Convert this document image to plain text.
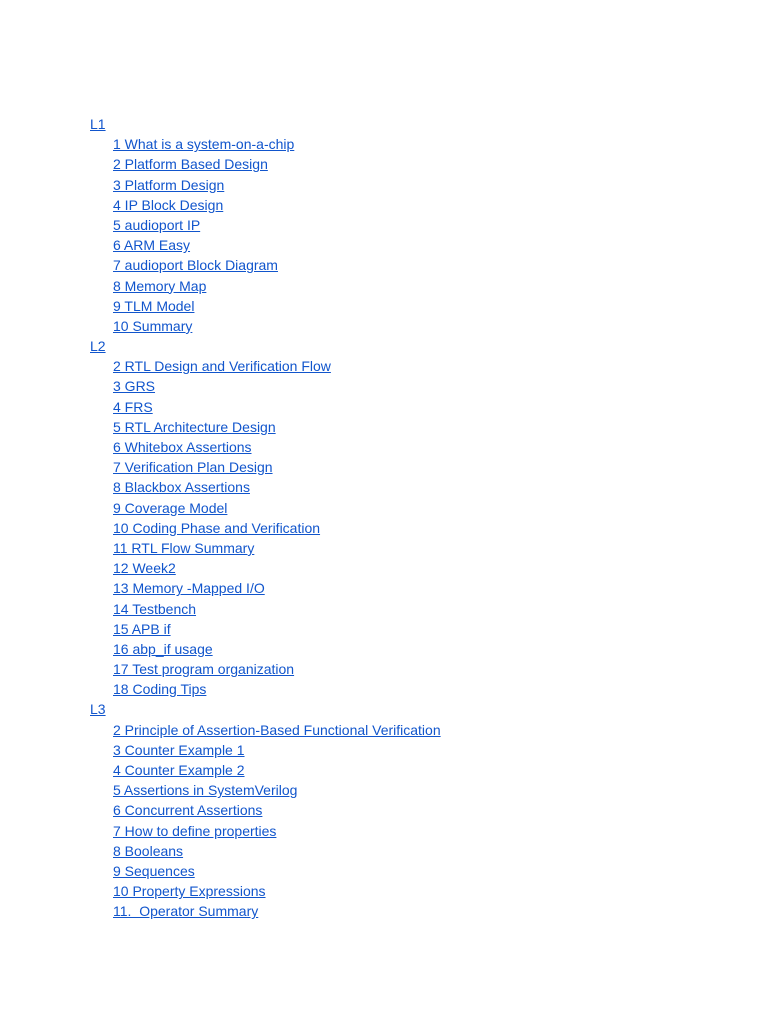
L1
1 What is a system-on-a-chip
2 Platform Based Design
3 Platform Design
4 IP Block Design
5 audioport IP
6 ARM Easy
7 audioport Block Diagram
8 Memory Map
9 TLM Model
10 Summary
L2
2 RTL Design and Verification Flow
3 GRS
4 FRS
5 RTL Architecture Design
6 Whitebox Assertions
7 Verification Plan Design
8 Blackbox Assertions
9 Coverage Model
10 Coding Phase and Verification
11 RTL Flow Summary
12 Week2
13 Memory -Mapped I/O
14 Testbench
15 APB if
16 abp_if usage
17 Test program organization
18 Coding Tips
L3
2 Principle of Assertion-Based Functional Verification
3 Counter Example 1
4 Counter Example 2
5 Assertions in SystemVerilog
6 Concurrent Assertions
7 How to define properties
8 Booleans
9 Sequences
10 Property Expressions
11.  Operator Summary
